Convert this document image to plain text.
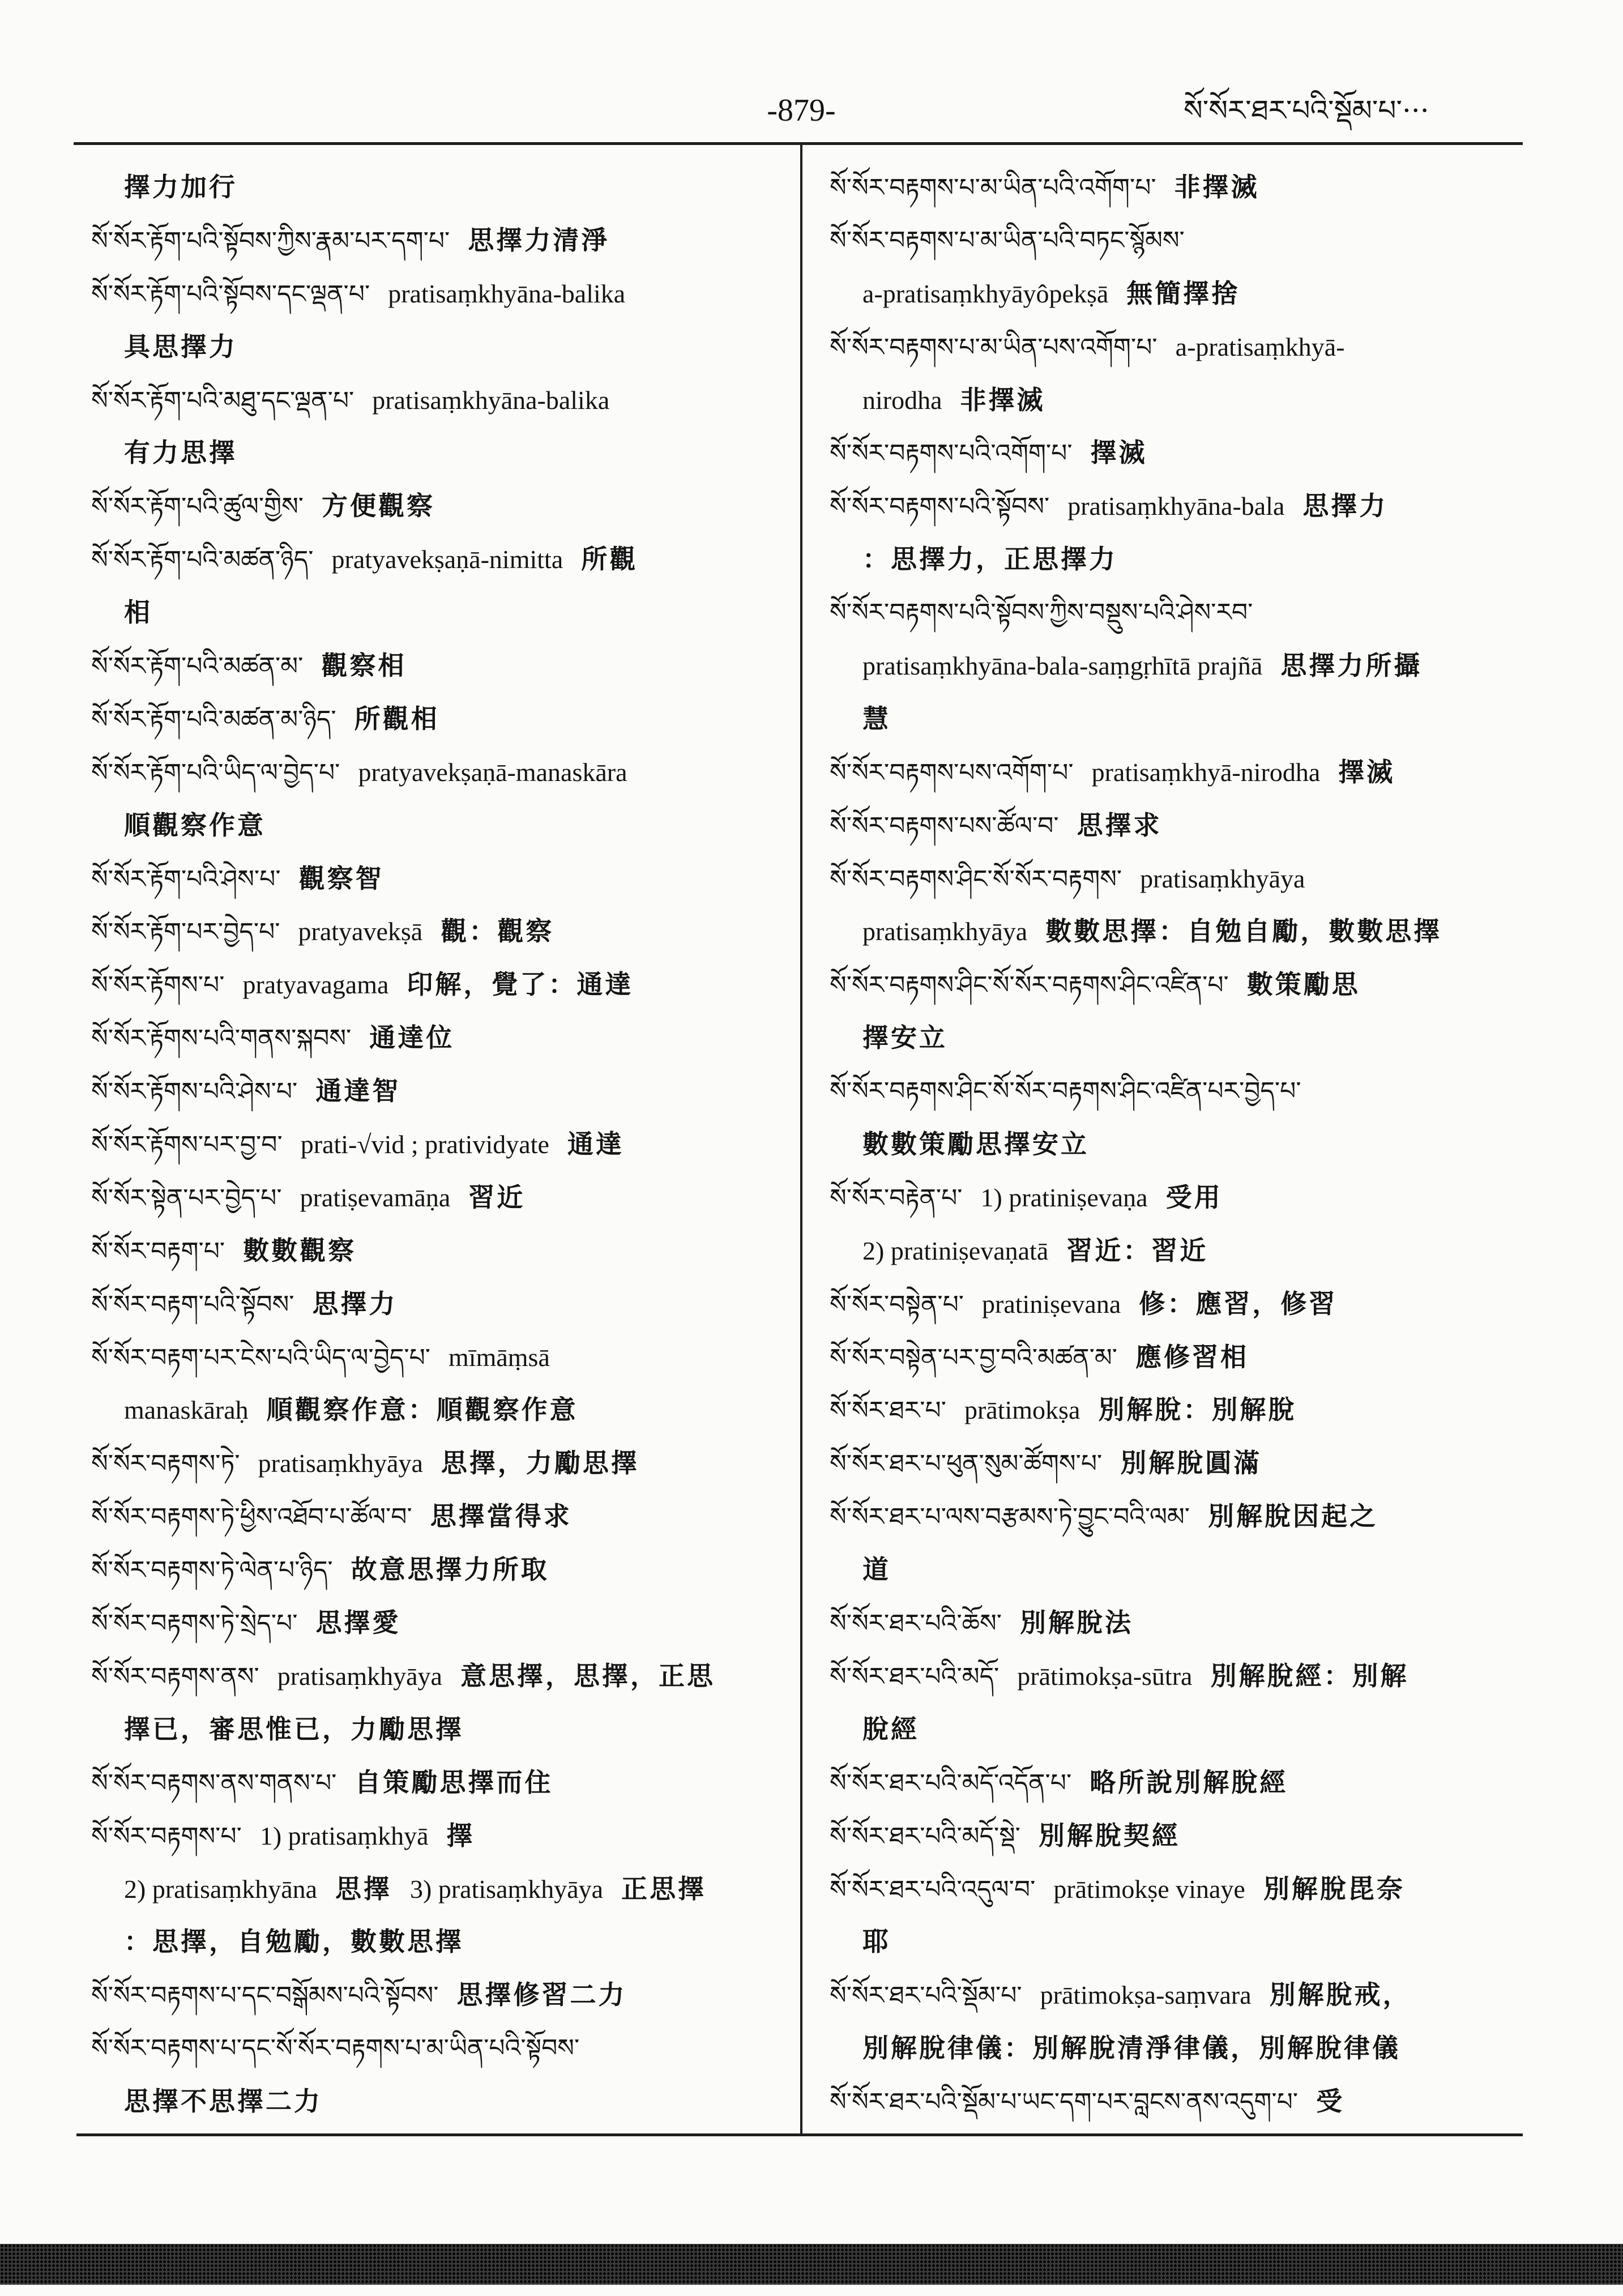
-879-	སོ་སོར་ཐར་པའི་སྡོམ་པ་···
擇力加行
སོ་སོར་རྟོག་པའི་སྟོབས་ཀྱིས་རྣམ་པར་དག་པ་ 思擇力清淨
སོ་སོར་རྟོག་པའི་སྟོབས་དང་ལྡན་པ་ pratisaṃkhyāna-balika
具思擇力
སོ་སོར་རྟོག་པའི་མཐུ་དང་ལྡན་པ་ pratisaṃkhyāna-balika
有力思擇
སོ་སོར་རྟོག་པའི་ཚུལ་གྱིས་ 方便觀察
སོ་སོར་རྟོག་པའི་མཚན་ཉིད་ pratyavekṣaṇā-nimitta 所觀
相
སོ་སོར་རྟོག་པའི་མཚན་མ་ 觀察相
སོ་སོར་རྟོག་པའི་མཚན་མ་ཉིད་ 所觀相
སོ་སོར་རྟོག་པའི་ཡིད་ལ་བྱེད་པ་ pratyavekṣaṇā-manaskāra
順觀察作意
སོ་སོར་རྟོག་པའི་ཤེས་པ་ 觀察智
སོ་སོར་རྟོག་པར་བྱེད་པ་ pratyavekṣā 觀：觀察
སོ་སོར་རྟོགས་པ་ pratyavagama 印解，覺了：通達
སོ་སོར་རྟོགས་པའི་གནས་སྐབས་ 通達位
སོ་སོར་རྟོགས་པའི་ཤེས་པ་ 通達智
སོ་སོར་རྟོགས་པར་བྱ་བ་ prati-√vid ; pratividyate 通達
སོ་སོར་སྟེན་པར་བྱེད་པ་ pratiṣevamāṇa 習近
སོ་སོར་བརྟག་པ་ 數數觀察
སོ་སོར་བརྟག་པའི་སྟོབས་ 思擇力
སོ་སོར་བརྟག་པར་ངེས་པའི་ཡིད་ལ་བྱེད་པ་ mīmāṃsā
manaskāraḥ 順觀察作意：順觀察作意
སོ་སོར་བརྟགས་ཏེ་ pratisaṃkhyāya 思擇，力勵思擇
སོ་སོར་བརྟགས་ཏེ་ཕྱིས་འཐོབ་པ་ཚོལ་བ་ 思擇當得求
སོ་སོར་བརྟགས་ཏེ་ལེན་པ་ཉིད་ 故意思擇力所取
སོ་སོར་བརྟགས་ཏེ་སྲེད་པ་ 思擇愛
སོ་སོར་བརྟགས་ནས་ pratisaṃkhyāya 意思擇，思擇，正思
擇已，審思惟已，力勵思擇
སོ་སོར་བརྟགས་ནས་གནས་པ་ 自策勵思擇而住
སོ་སོར་བརྟགས་པ་ 1) pratisaṃkhyā 擇
2) pratisaṃkhyāna 思擇 3) pratisaṃkhyāya 正思擇
：思擇，自勉勵，數數思擇
སོ་སོར་བརྟགས་པ་དང་བསྒོམས་པའི་སྟོབས་ 思擇修習二力
སོ་སོར་བརྟགས་པ་དང་སོ་སོར་བརྟགས་པ་མ་ཡིན་པའི་སྟོབས་
思擇不思擇二力
སོ་སོར་བརྟགས་པ་མ་ཡིན་པའི་འགོག་པ་ 非擇滅
སོ་སོར་བརྟགས་པ་མ་ཡིན་པའི་བཏང་སྙོམས་
a-pratisaṃkhyāyôpekṣā 無簡擇捨
སོ་སོར་བརྟགས་པ་མ་ཡིན་པས་འགོག་པ་ a-pratisaṃkhyā-
nirodha 非擇滅
སོ་སོར་བརྟགས་པའི་འགོག་པ་ 擇滅
སོ་སོར་བརྟགས་པའི་སྟོབས་ pratisaṃkhyāna-bala 思擇力
：思擇力，正思擇力
སོ་སོར་བརྟགས་པའི་སྟོབས་ཀྱིས་བསྡུས་པའི་ཤེས་རབ་
pratisaṃkhyāna-bala-saṃgṛhītā prajñā 思擇力所攝
慧
སོ་སོར་བརྟགས་པས་འགོག་པ་ pratisaṃkhyā-nirodha 擇滅
སོ་སོར་བརྟགས་པས་ཚོལ་བ་ 思擇求
སོ་སོར་བརྟགས་ཤིང་སོ་སོར་བརྟགས་ pratisaṃkhyāya
pratisaṃkhyāya 數數思擇：自勉自勵，數數思擇
སོ་སོར་བརྟགས་ཤིང་སོ་སོར་བརྟགས་ཤིང་འཛིན་པ་ 數策勵思
擇安立
སོ་སོར་བརྟགས་ཤིང་སོ་སོར་བརྟགས་ཤིང་འཛིན་པར་བྱེད་པ་
數數策勵思擇安立
སོ་སོར་བརྟེན་པ་ 1) pratiniṣevaṇa 受用
2) pratiniṣevaṇatā 習近：習近
སོ་སོར་བསྟེན་པ་ pratiniṣevana 修：應習，修習
སོ་སོར་བསྟེན་པར་བྱ་བའི་མཚན་མ་ 應修習相
སོ་སོར་ཐར་པ་ prātimokṣa 別解脫：別解脫
སོ་སོར་ཐར་པ་ཕུན་སུམ་ཚོགས་པ་ 別解脫圓滿
སོ་སོར་ཐར་པ་ལས་བརྩམས་ཏེ་བྱུང་བའི་ལམ་ 別解脫因起之
道
སོ་སོར་ཐར་པའི་ཆོས་ 別解脫法
སོ་སོར་ཐར་པའི་མདོ་ prātimokṣa-sūtra 別解脫經：別解
脫經
སོ་སོར་ཐར་པའི་མདོ་འདོན་པ་ 略所說別解脫經
སོ་སོར་ཐར་པའི་མདོ་སྡེ་ 別解脫契經
སོ་སོར་ཐར་པའི་འདུལ་བ་ prātimokṣe vinaye 別解脫毘奈
耶
སོ་སོར་ཐར་པའི་སྡོམ་པ་ prātimokṣa-saṃvara 別解脫戒，
別解脫律儀：別解脫清淨律儀，別解脫律儀
སོ་སོར་ཐར་པའི་སྡོམ་པ་ཡང་དག་པར་བླངས་ནས་འདུག་པ་ 受
